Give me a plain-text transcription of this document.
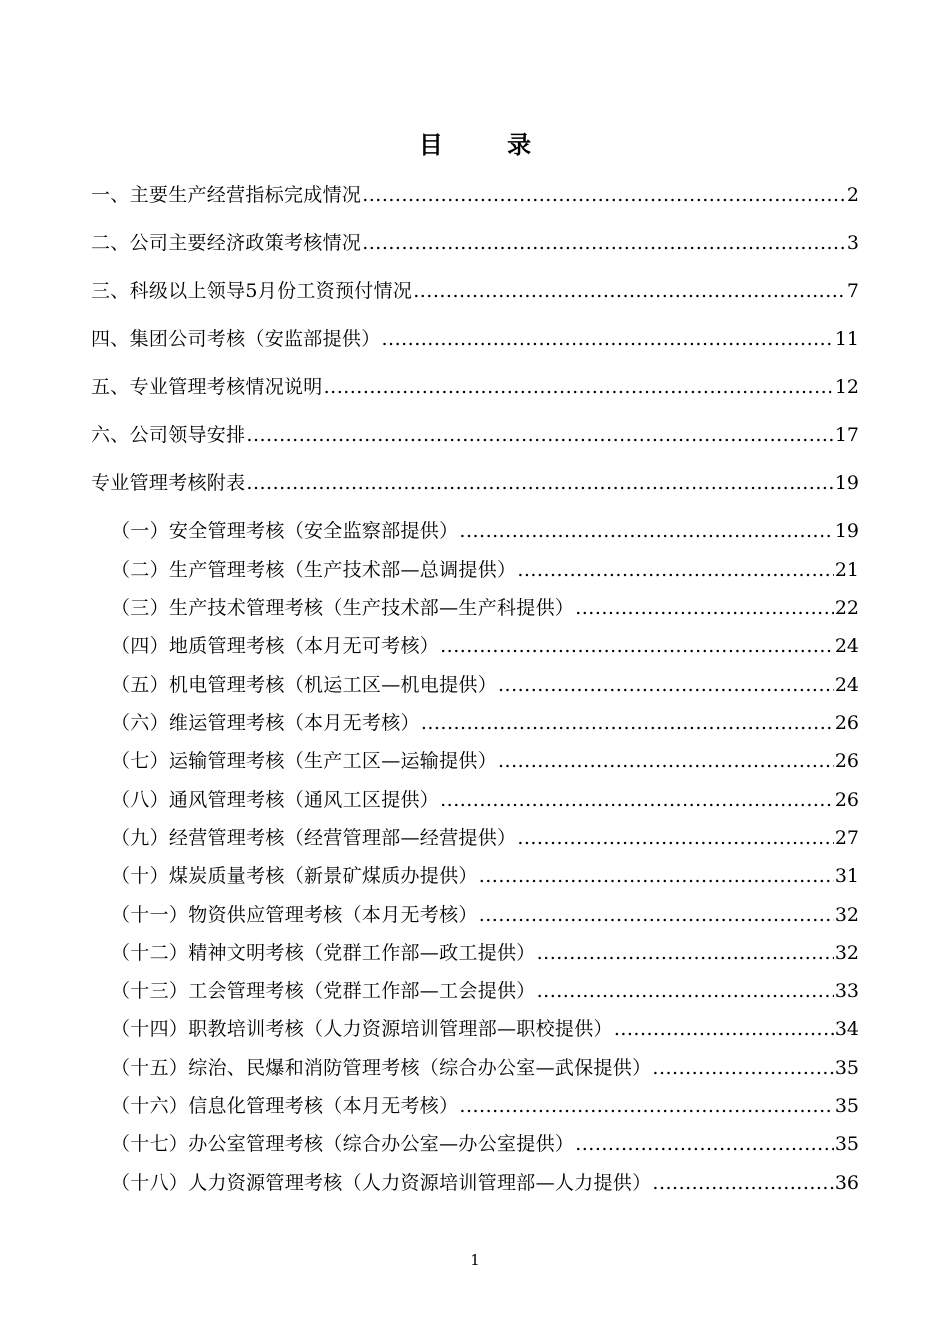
目 录
一、主要生产经营指标完成情况 .....	2
二、公司主要经济政策考核情况 .....	3
三、科级以上领导5月份工资预付情况 .....	7
四、集团公司考核（安监部提供） .....	11
五、专业管理考核情况说明 .....	12
六、公司领导安排 .....	17
专业管理考核附表 .....	19
（一）安全管理考核（安全监察部提供） .....	19
（二）生产管理考核（生产技术部—总调提供） .....	21
（三）生产技术管理考核（生产技术部—生产科提供） .....	22
（四）地质管理考核（本月无可考核） .....	24
（五）机电管理考核（机运工区—机电提供） .....	24
（六）维运管理考核（本月无考核） .....	26
（七）运输管理考核（生产工区—运输提供） .....	26
（八）通风管理考核（通风工区提供） .....	26
（九）经营管理考核（经营管理部—经营提供） .....	27
（十）煤炭质量考核（新景矿煤质办提供） .....	31
（十一）物资供应管理考核（本月无考核） .....	32
（十二）精神文明考核（党群工作部—政工提供） .....	32
（十三）工会管理考核（党群工作部—工会提供） .....	33
（十四）职教培训考核（人力资源培训管理部—职校提供） .....	34
（十五）综治、民爆和消防管理考核（综合办公室—武保提供） .....	35
（十六）信息化管理考核（本月无考核） .....	35
（十七）办公室管理考核（综合办公室—办公室提供） .....	35
（十八）人力资源管理考核（人力资源培训管理部—人力提供） .....	36
1
